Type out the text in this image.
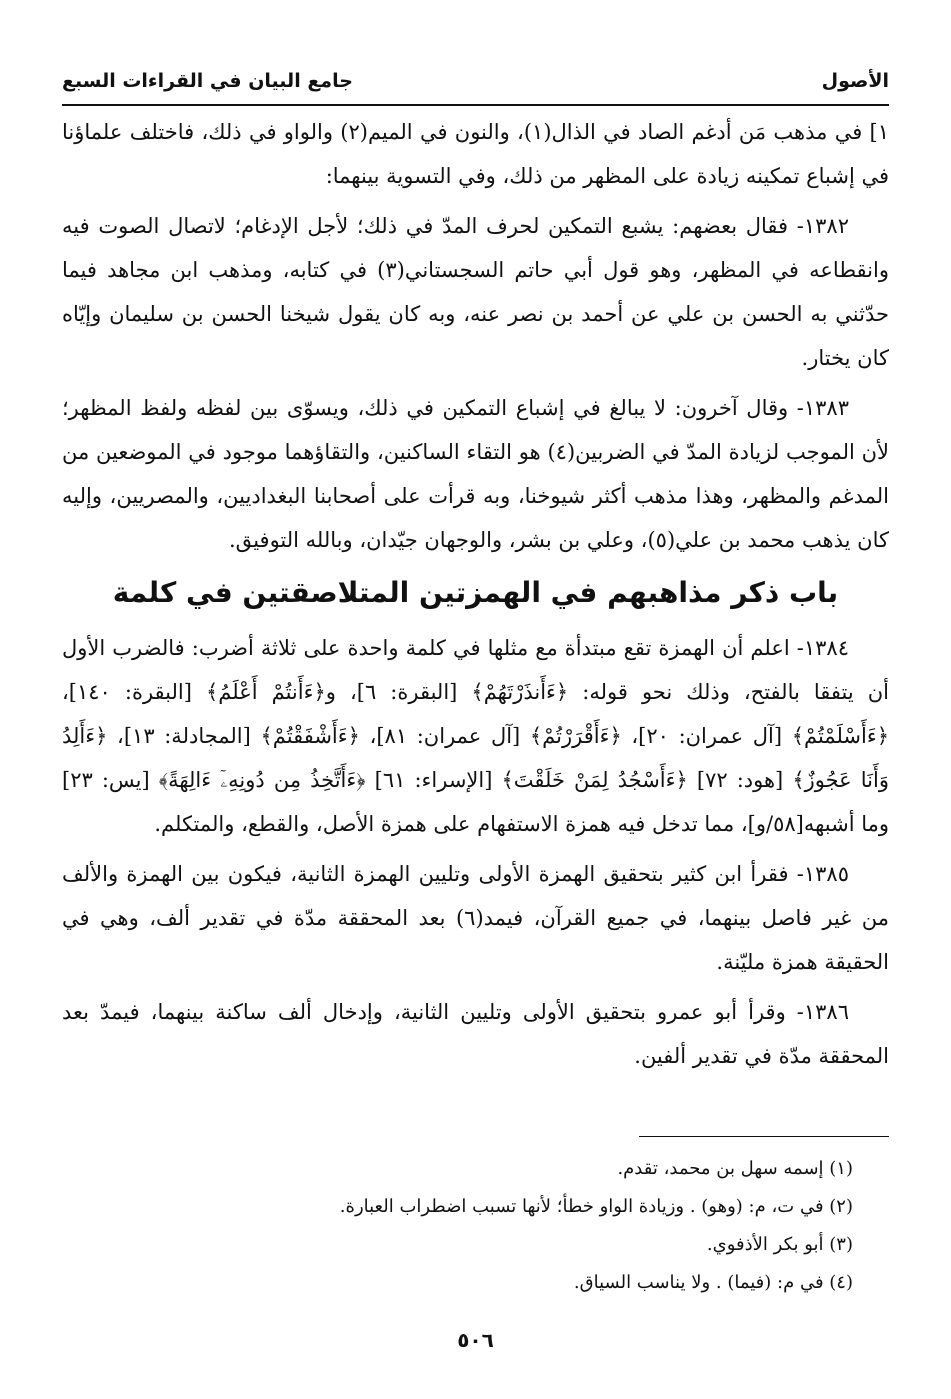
جامع البيان في القراءات السبع	الأصول

١] في مذهب مَن أدغم الصاد في الذال(١)، والنون في الميم(٢) والواو في ذلك، فاختلف علماؤنا في إشباع تمكينه زيادة على المظهر من ذلك، وفي التسوية بينهما:

١٣٨٢- فقال بعضهم: يشبع التمكين لحرف المدّ في ذلك؛ لأجل الإدغام؛ لاتصال الصوت فيه وانقطاعه في المظهر، وهو قول أبي حاتم السجستاني(٣) في كتابه، ومذهب ابن مجاهد فيما حدّثني به الحسن بن علي عن أحمد بن نصر عنه، وبه كان يقول شيخنا الحسن بن سليمان وإيّاه كان يختار.

١٣٨٣- وقال آخرون: لا يبالغ في إشباع التمكين في ذلك، ويسوّى بين لفظه ولفظ المظهر؛ لأن الموجب لزيادة المدّ في الضربين(٤) هو التقاء الساكنين، والتقاؤهما موجود في الموضعين من المدغم والمظهر، وهذا مذهب أكثر شيوخنا، وبه قرأت على أصحابنا البغداديين، والمصريين، وإليه كان يذهب محمد بن علي(٥)، وعلي بن بشر، والوجهان جيّدان، وبالله التوفيق.

باب ذكر مذاهبهم في الهمزتين المتلاصقتين في كلمة

١٣٨٤- اعلم أن الهمزة تقع مبتدأة مع مثلها في كلمة واحدة على ثلاثة أضرب: فالضرب الأول أن يتفقا بالفتح، وذلك نحو قوله: ﴿ءَأَنذَرْتَهُمْ﴾ [البقرة: ٦]، و﴿ءَأَنتُمْ أَعْلَمُ﴾ [البقرة: ١٤٠]، ﴿ءَأَسْلَمْتُمْ﴾ [آل عمران: ٢٠]، ﴿ءَأَقْرَرْتُمْ﴾ [آل عمران: ٨١]، ﴿ءَأَشْفَقْتُمْ﴾ [المجادلة: ١٣]، ﴿ءَأَلِدُ وَأَنَا عَجُوزٌ﴾ [هود: ٧٢] ﴿ءَأَسْجُدُ لِمَنْ خَلَقْتَ﴾ [الإسراء: ٦١] ﴿ءَأَتَّخِذُ مِن دُونِهِۦٓ ءَالِهَةً﴾ [يس: ٢٣] وما أشبهه[٥٨/و]، مما تدخل فيه همزة الاستفهام على همزة الأصل، والقطع، والمتكلم.

١٣٨٥- فقرأ ابن كثير بتحقيق الهمزة الأولى وتليين الهمزة الثانية، فيكون بين الهمزة والألف من غير فاصل بينهما، في جميع القرآن، فيمد(٦) بعد المحققة مدّة في تقدير ألف، وهي في الحقيقة همزة مليّنة.

١٣٨٦- وقرأ أبو عمرو بتحقيق الأولى وتليين الثانية، وإدخال ألف ساكنة بينهما، فيمدّ بعد المحققة مدّة في تقدير ألفين.

(١) إسمه سهل بن محمد، تقدم.

(٢) في ت، م: (وهو) . وزيادة الواو خطأ؛ لأنها تسبب اضطراب العبارة.

(٣) أبو بكر الأذفوي.

(٤) في م: (فيما) . ولا يناسب السياق.

٥٠٦
